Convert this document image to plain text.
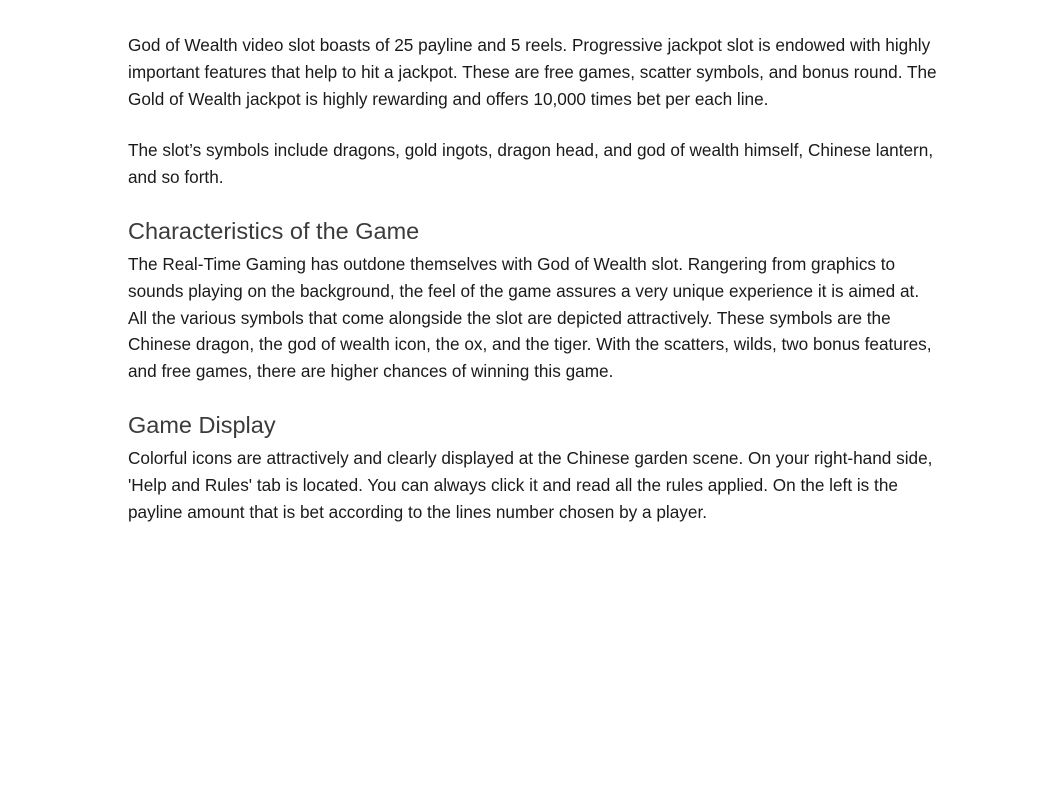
God of Wealth video slot boasts of 25 payline and 5 reels. Progressive jackpot slot is endowed with highly important features that help to hit a jackpot. These are free games, scatter symbols, and bonus round. The Gold of Wealth jackpot is highly rewarding and offers 10,000 times bet per each line.

The slot’s symbols include dragons, gold ingots, dragon head, and god of wealth himself, Chinese lantern, and so forth.

Characteristics of the Game

The Real-Time Gaming has outdone themselves with God of Wealth slot. Rangering from graphics to sounds playing on the background, the feel of the game assures a very unique experience it is aimed at. All the various symbols that come alongside the slot are depicted attractively. These symbols are the Chinese dragon, the god of wealth icon, the ox, and the tiger. With the scatters, wilds, two bonus features, and free games, there are higher chances of winning this game.

Game Display

Colorful icons are attractively and clearly displayed at the Chinese garden scene. On your right-hand side, 'Help and Rules' tab is located. You can always click it and read all the rules applied. On the left is the payline amount that is bet according to the lines number chosen by a player.
